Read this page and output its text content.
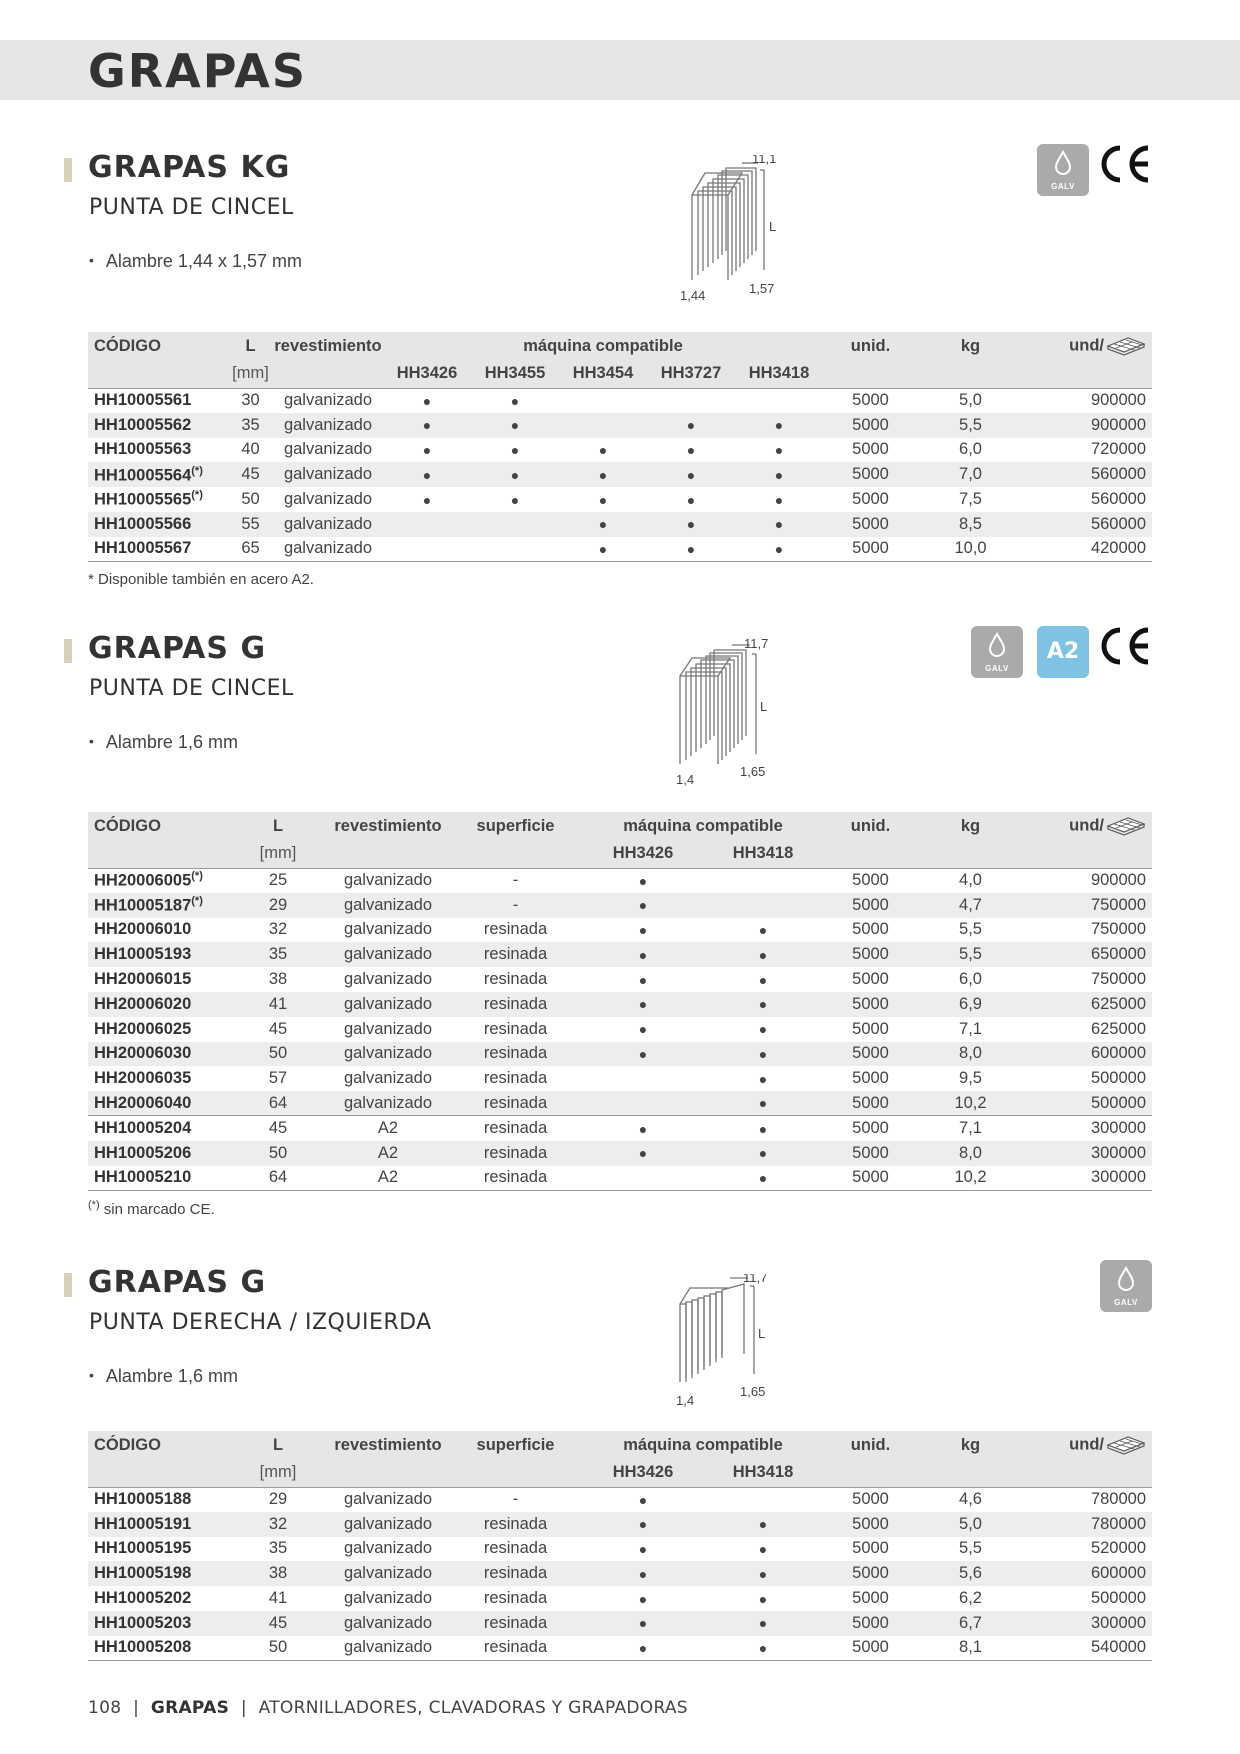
GRAPAS
GRAPAS KG
PUNTA DE CINCEL
• Alambre 1,44 x 1,57 mm
11,1
L
1,44	1,57
GALV
CÓDIGO	L	revestimiento	máquina compatible					unid.	kg	und/
	[mm]		HH3426	HH3455	HH3454	HH3727	HH3418			
HH10005561	30	galvanizado	●	●				5000	5,0	900000
HH10005562	35	galvanizado	●	●		●	●	5000	5,5	900000
HH10005563	40	galvanizado	●	●	●	●	●	5000	6,0	720000
HH10005564(*)	45	galvanizado	●	●	●	●	●	5000	7,0	560000
HH10005565(*)	50	galvanizado	●	●	●	●	●	5000	7,5	560000
HH10005566	55	galvanizado			●	●	●	5000	8,5	560000
HH10005567	65	galvanizado			●	●	●	5000	10,0	420000
* Disponible también en acero A2.
GRAPAS G
PUNTA DE CINCEL
• Alambre 1,6 mm
11,7
L
1,4
1,65
GALV
A2
CÓDIGO	L	revestimiento	superficie	máquina compatible		unid.	kg	und/
	[mm]			HH3426	HH3418			
HH20006005(*)	25	galvanizado	-	●		5000	4,0	900000
HH10005187(*)	29	galvanizado	-	●		5000	4,7	750000
HH20006010	32	galvanizado	resinada	●	●	5000	5,5	750000
HH10005193	35	galvanizado	resinada	●	●	5000	5,5	650000
HH20006015	38	galvanizado	resinada	●	●	5000	6,0	750000
HH20006020	41	galvanizado	resinada	●	●	5000	6,9	625000
HH20006025	45	galvanizado	resinada	●	●	5000	7,1	625000
HH20006030	50	galvanizado	resinada	●	●	5000	8,0	600000
HH20006035	57	galvanizado	resinada		●	5000	9,5	500000
HH20006040	64	galvanizado	resinada		●	5000	10,2	500000
HH10005204	45	A2	resinada	●	●	5000	7,1	300000
HH10005206	50	A2	resinada	●	●	5000	8,0	300000
HH10005210	64	A2	resinada		●	5000	10,2	300000
(*) sin marcado CE.
GRAPAS G
PUNTA DERECHA / IZQUIERDA
• Alambre 1,6 mm
11,7
L
1,4
1,65
GALV
CÓDIGO	L	revestimiento	superficie	máquina compatible		unid.	kg	und/
	[mm]			HH3426	HH3418			
HH10005188	29	galvanizado	-	●		5000	4,6	780000
HH10005191	32	galvanizado	resinada	●	●	5000	5,0	780000
HH10005195	35	galvanizado	resinada	●	●	5000	5,5	520000
HH10005198	38	galvanizado	resinada	●	●	5000	5,6	600000
HH10005202	41	galvanizado	resinada	●	●	5000	6,2	500000
HH10005203	45	galvanizado	resinada	●	●	5000	6,7	300000
HH10005208	50	galvanizado	resinada	●	●	5000	8,1	540000
108 | GRAPAS | ATORNILLADORES, CLAVADORAS Y GRAPADORAS
